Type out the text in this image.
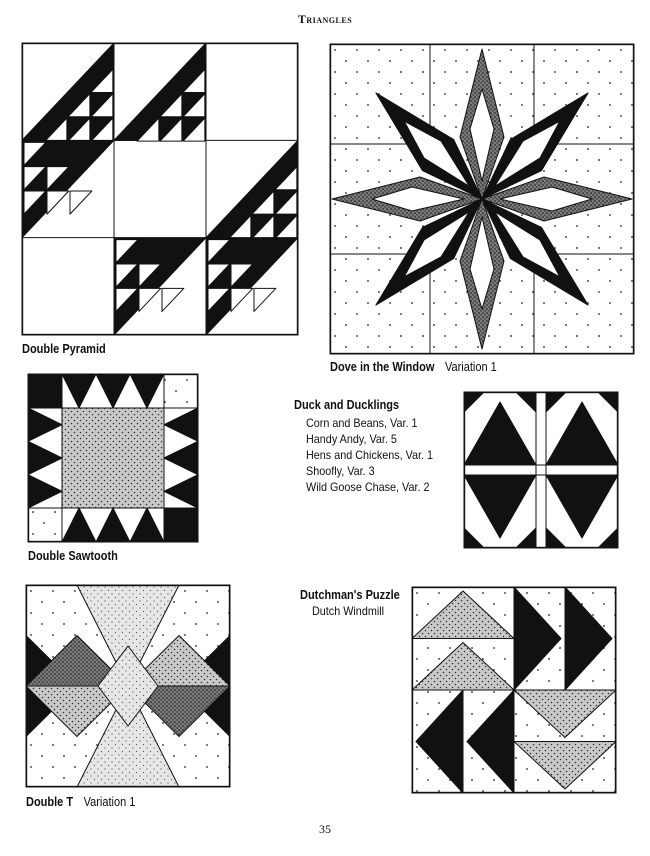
Triangles
Double Pyramid
Dove in the Window Variation 1
Double Sawtooth
Duck and Ducklings
Corn and Beans, Var. 1
Handy Andy, Var. 5
Hens and Chickens, Var. 1
Shoofly, Var. 3
Wild Goose Chase, Var. 2
Double T Variation 1
Dutchman's Puzzle
Dutch Windmill
35
